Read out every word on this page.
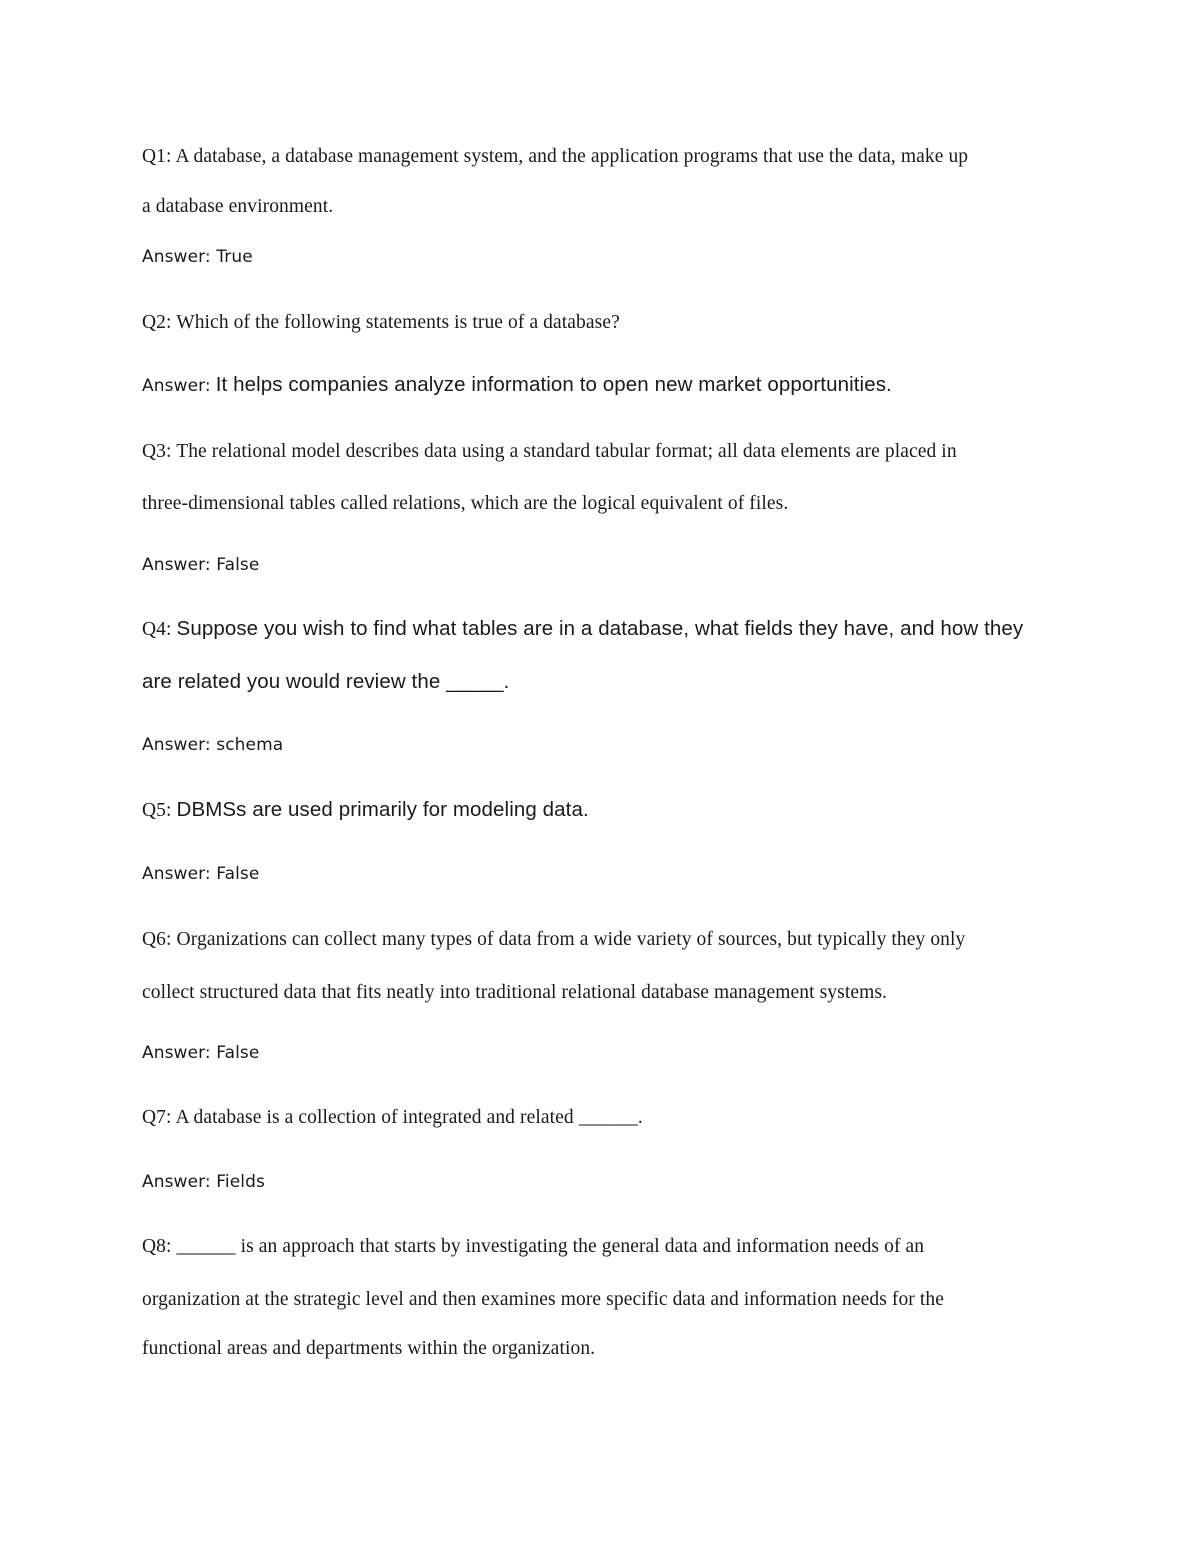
Q1: A database, a database management system, and the application programs that use the data, make up
a database environment.
Answer: True
Q2: Which of the following statements is true of a database?
Answer: It helps companies analyze information to open new market opportunities.
Q3: The relational model describes data using a standard tabular format; all data elements are placed in
three-dimensional tables called relations, which are the logical equivalent of files.
Answer: False
Q4: Suppose you wish to find what tables are in a database, what fields they have, and how they
are related you would review the _____.
Answer: schema
Q5: DBMSs are used primarily for modeling data.
Answer: False
Q6: Organizations can collect many types of data from a wide variety of sources, but typically they only
collect structured data that fits neatly into traditional relational database management systems.
Answer: False
Q7: A database is a collection of integrated and related ______.
Answer: Fields
Q8: ______ is an approach that starts by investigating the general data and information needs of an
organization at the strategic level and then examines more specific data and information needs for the
functional areas and departments within the organization.
